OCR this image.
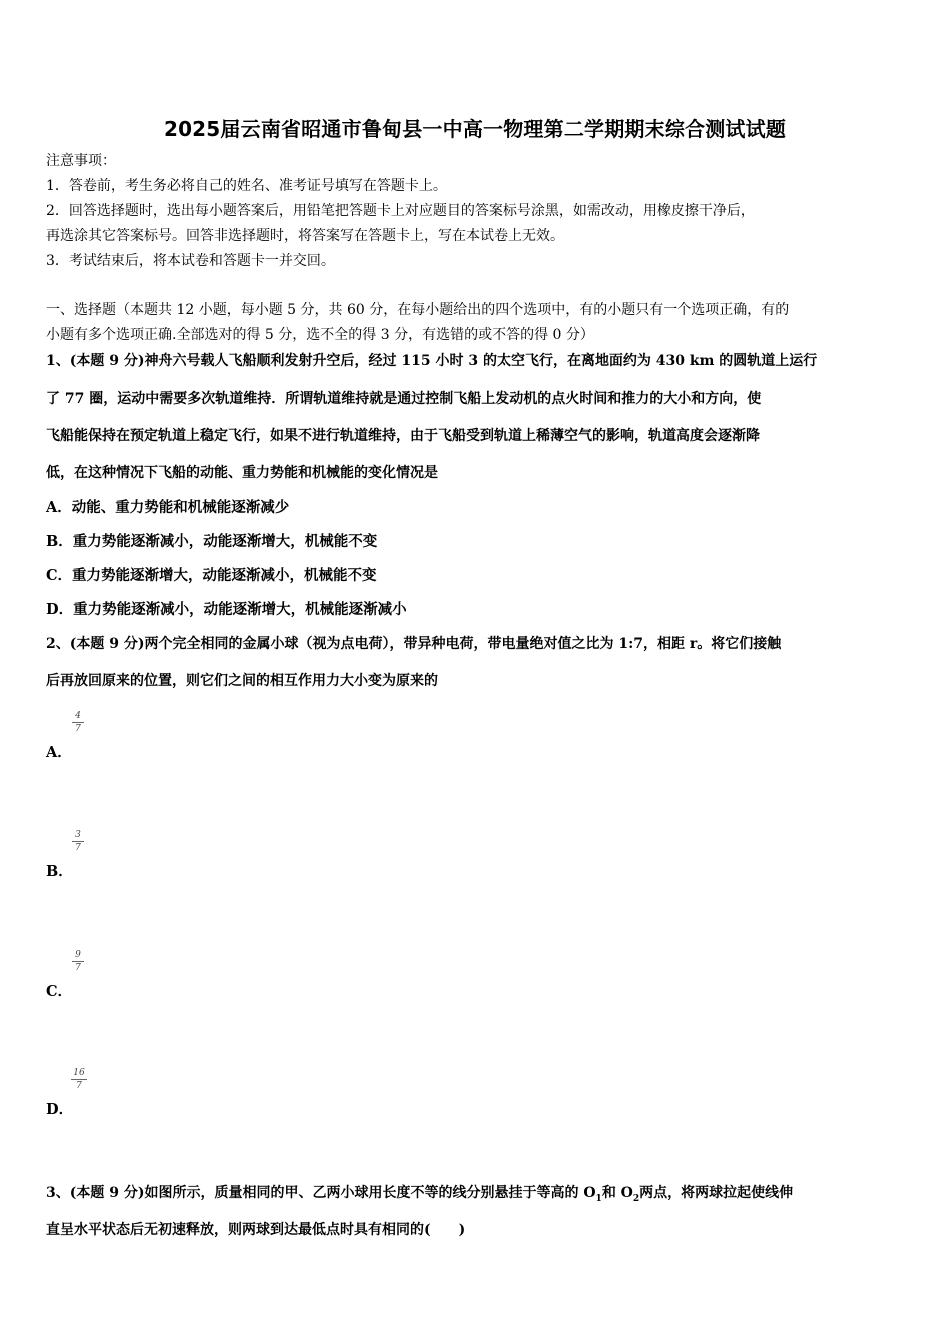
2025届云南省昭通市鲁甸县一中高一物理第二学期期末综合测试试题
注意事项：
1．答卷前，考生务必将自己的姓名、准考证号填写在答题卡上。
2．回答选择题时，选出每小题答案后，用铅笔把答题卡上对应题目的答案标号涂黑，如需改动，用橡皮擦干净后，
再选涂其它答案标号。回答非选择题时，将答案写在答题卡上，写在本试卷上无效。
3．考试结束后，将本试卷和答题卡一并交回。
一、选择题（本题共 12 小题，每小题 5 分，共 60 分，在每小题给出的四个选项中，有的小题只有一个选项正确，有的
小题有多个选项正确.全部选对的得 5 分，选不全的得 3 分，有选错的或不答的得 0 分）
1、(本题 9 分)神舟六号载人飞船顺利发射升空后，经过 115 小时 3 的太空飞行，在离地面约为 430 km 的圆轨道上运行
了 77 圈，运动中需要多次轨道维持．所谓轨道维持就是通过控制飞船上发动机的点火时间和推力的大小和方向，使
飞船能保持在预定轨道上稳定飞行，如果不进行轨道维持，由于飞船受到轨道上稀薄空气的影响，轨道高度会逐渐降
低，在这种情况下飞船的动能、重力势能和机械能的变化情况是
A．动能、重力势能和机械能逐渐减少
B．重力势能逐渐减小，动能逐渐增大，机械能不变
C．重力势能逐渐增大，动能逐渐减小，机械能不变
D．重力势能逐渐减小，动能逐渐增大，机械能逐渐减小
2、(本题 9 分)两个完全相同的金属小球（视为点电荷），带异种电荷，带电量绝对值之比为 1:7，相距 r。将它们接触
后再放回原来的位置，则它们之间的相互作用力大小变为原来的
4
7
A．
3
7
B．
9
7
C．
16
7
D．
3、(本题 9 分)如图所示，质量相同的甲、乙两小球用长度不等的线分别悬挂于等高的 $O_1$和 $O_2$两点，将两球拉起使线伸
直呈水平状态后无初速释放，则两球到达最低点时具有相同的(　　)
